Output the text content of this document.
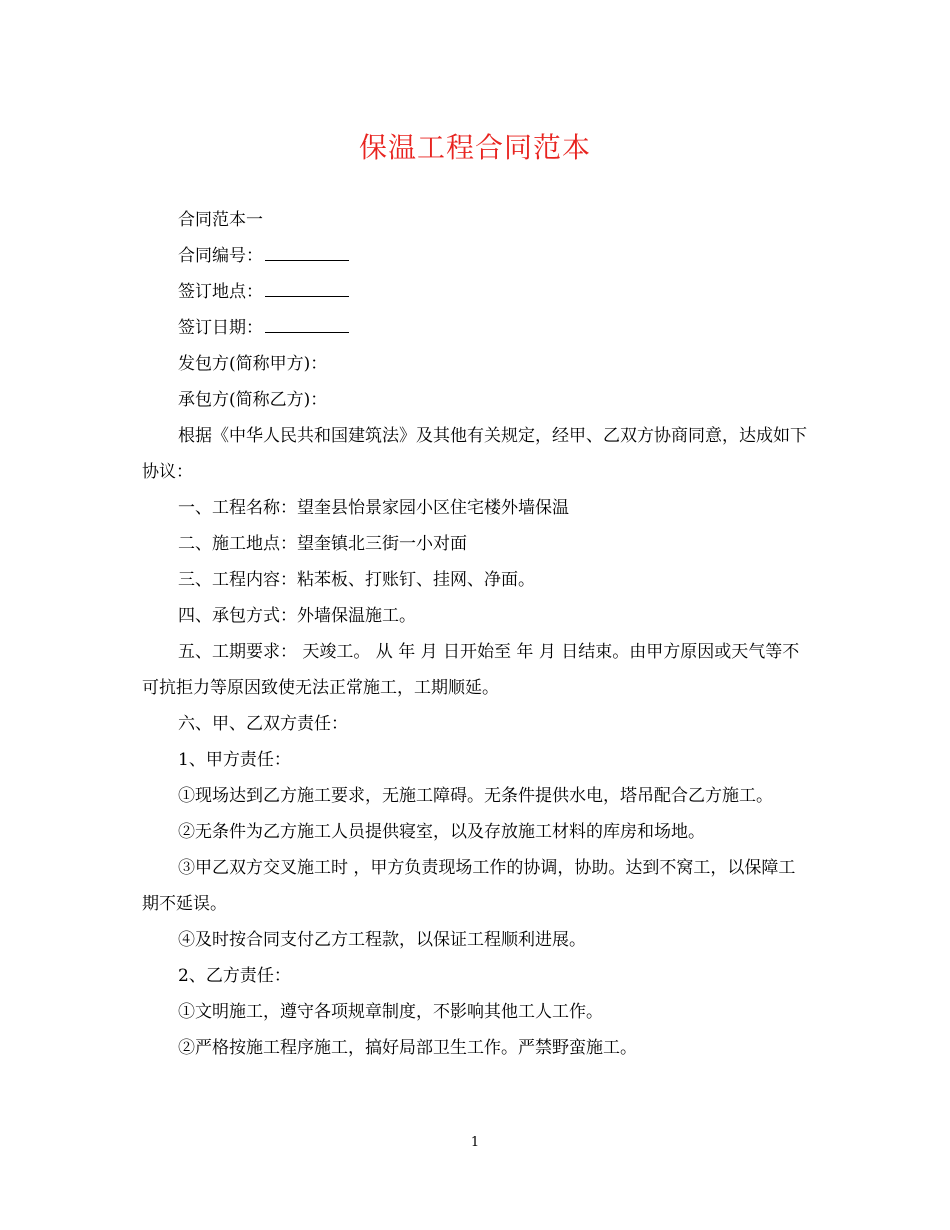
保温工程合同范本

合同范本一

合同编号：

签订地点：

签订日期：

发包方(简称甲方)：

承包方(简称乙方)：

根据《中华人民共和国建筑法》及其他有关规定，经甲、乙双方协商同意，达成如下协议：

一、工程名称：望奎县怡景家园小区住宅楼外墙保温

二、施工地点：望奎镇北三街一小对面

三、工程内容：粘苯板、打账钉、挂网、净面。

四、承包方式：外墙保温施工。

五、工期要求： 天竣工。 从 年 月 日开始至 年 月 日结束。由甲方原因或天气等不可抗拒力等原因致使无法正常施工，工期顺延。

六、甲、乙双方责任：

1、甲方责任：

①现场达到乙方施工要求，无施工障碍。无条件提供水电，塔吊配合乙方施工。

②无条件为乙方施工人员提供寝室，以及存放施工材料的库房和场地。

③甲乙双方交叉施工时 ，甲方负责现场工作的协调，协助。达到不窝工，以保障工期不延误。

④及时按合同支付乙方工程款，以保证工程顺利进展。

2、乙方责任：

①文明施工，遵守各项规章制度，不影响其他工人工作。

②严格按施工程序施工，搞好局部卫生工作。严禁野蛮施工。

1
